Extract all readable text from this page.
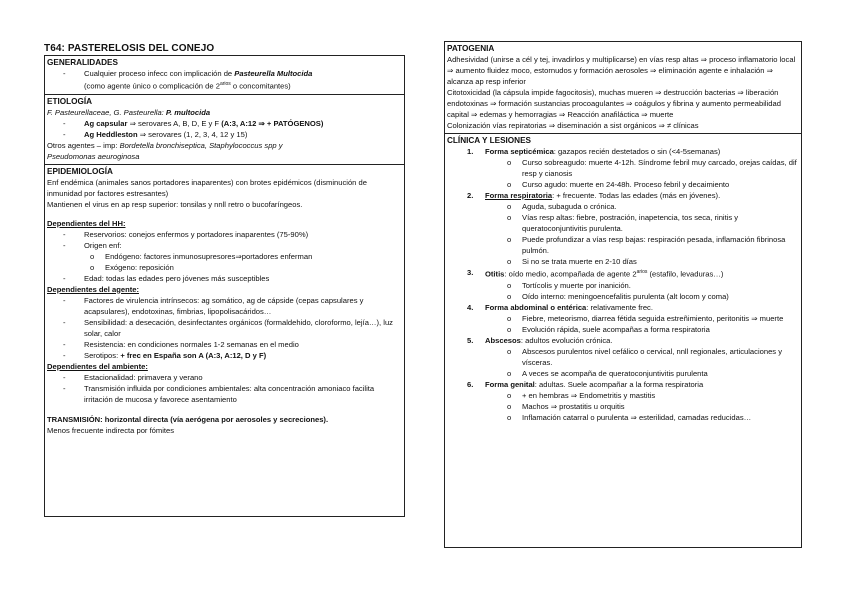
T64: PASTERELOSIS DEL CONEJO
GENERALIDADES
- Cualquier proceso infecc con implicación de Pasteurella Multocida
(como agente único o complicación de $2^{arios}$ o concomitantes)
ETIOLOGÍA
F. Pasteurellaceae, G. Pasteurella: P. multocida
- Ag capsular ⇒ serovares A, B, D, E y F (A:3, A:12 ⇒ + PATÓGENOS)
- Ag Heddleston ⇒ serovares (1, 2, 3, 4, 12 y 15)
Otros agentes – imp: Bordetella bronchiseptica, Staphylococcus spp y
Pseudomonas aeuroginosa
EPIDEMIOLOGÍA
Enf endémica (animales sanos portadores inaparentes) con brotes epidémicos (disminución de inmunidad por factores estresantes)
Mantienen el virus en ap resp superior: tonsilas y nnll retro o bucofaríngeos.
Dependientes del HH:
- Reservorios: conejos enfermos y portadores inaparentes (75-90%)
- Origen enf:
o Endógeno: factores inmunosupresores⇒portadores enferman
o Exógeno: reposición
- Edad: todas las edades pero jóvenes más susceptibles
Dependientes del agente:
- Factores de virulencia intrínsecos: ag somático, ag de cápside (cepas capsulares y acapsulares), endotoxinas, fimbrias, lipopolisacáridos…
- Sensibilidad: a desecación, desinfectantes orgánicos (formaldehido, cloroformo, lejía…), luz solar, calor
- Resistencia: en condiciones normales 1-2 semanas en el medio
- Serotipos: + frec en España son A (A:3, A:12, D y F)
Dependientes del ambiente:
- Estacionalidad: primavera y verano
- Transmisión influida por condiciones ambientales: alta concentración amoniaco facilita irritación de mucosa y favorece asentamiento
TRANSMISIÓN: horizontal directa (vía aerógena por aerosoles y secreciones).
Menos frecuente indirecta por fómites
PATOGENIA
Adhesividad (unirse a cél y tej, invadirlos y multiplicarse) en vías resp altas ⇒ proceso inflamatorio local ⇒ aumento fluidez moco, estornudos y formación aerosoles ⇒ eliminación agente e inhalación ⇒ alcanza ap resp inferior
Citotoxicidad (la cápsula impide fagocitosis), muchas mueren ⇒ destrucción bacterias ⇒ liberación endotoxinas ⇒ formación sustancias procoagulantes ⇒ coágulos y fibrina y aumento permeabilidad capital ⇒ edemas y hemorragias ⇒ Reacción anafiláctica ⇒ muerte
Colonización vías repiratorias ⇒ diseminación a sist orgánicos ⇒ ≠ clínicas
CLÍNICA Y LESIONES
1. Forma septicémica: gazapos recién destetados o sin (<4-5semanas)
o Curso sobreagudo: muerte 4-12h. Síndrome febril muy carcado, orejas caídas, dif resp y cianosis
o Curso agudo: muerte en 24-48h. Proceso febril y decaimiento
2. Forma respiratoria: + frecuente. Todas las edades (más en jóvenes).
o Aguda, subaguda o crónica.
o Vías resp altas: fiebre, postración, inapetencia, tos seca, rinitis y queratoconjuntivitis purulenta.
o Puede profundizar a vías resp bajas: respiración pesada, inflamación fibrinosa pulmón.
o Si no se trata muerte en 2-10 días
3. Otitis: oído medio, acompañada de agente $2^{arios}$ (estafilo, levaduras…)
o Tortícolis y muerte por inanición.
o Oído interno: meningoencefalitis purulenta (alt locom y coma)
4. Forma abdominal o entérica: relativamente frec.
o Fiebre, meteorismo, diarrea fétida seguida estreñimiento, peritonitis ⇒ muerte
o Evolución rápida, suele acompañas a forma respiratoria
5. Abscesos: adultos evolución crónica.
o Abscesos purulentos nivel cefálico o cervical, nnll regionales, articulaciones y vísceras.
o A veces se acompaña de queratoconjuntivitis purulenta
6. Forma genital: adultas. Suele acompañar a la forma respiratoria
o + en hembras ⇒ Endometritis y mastitis
o Machos ⇒ prostatitis u orquitis
o Inflamación catarral o purulenta ⇒ esterilidad, camadas reducidas…
